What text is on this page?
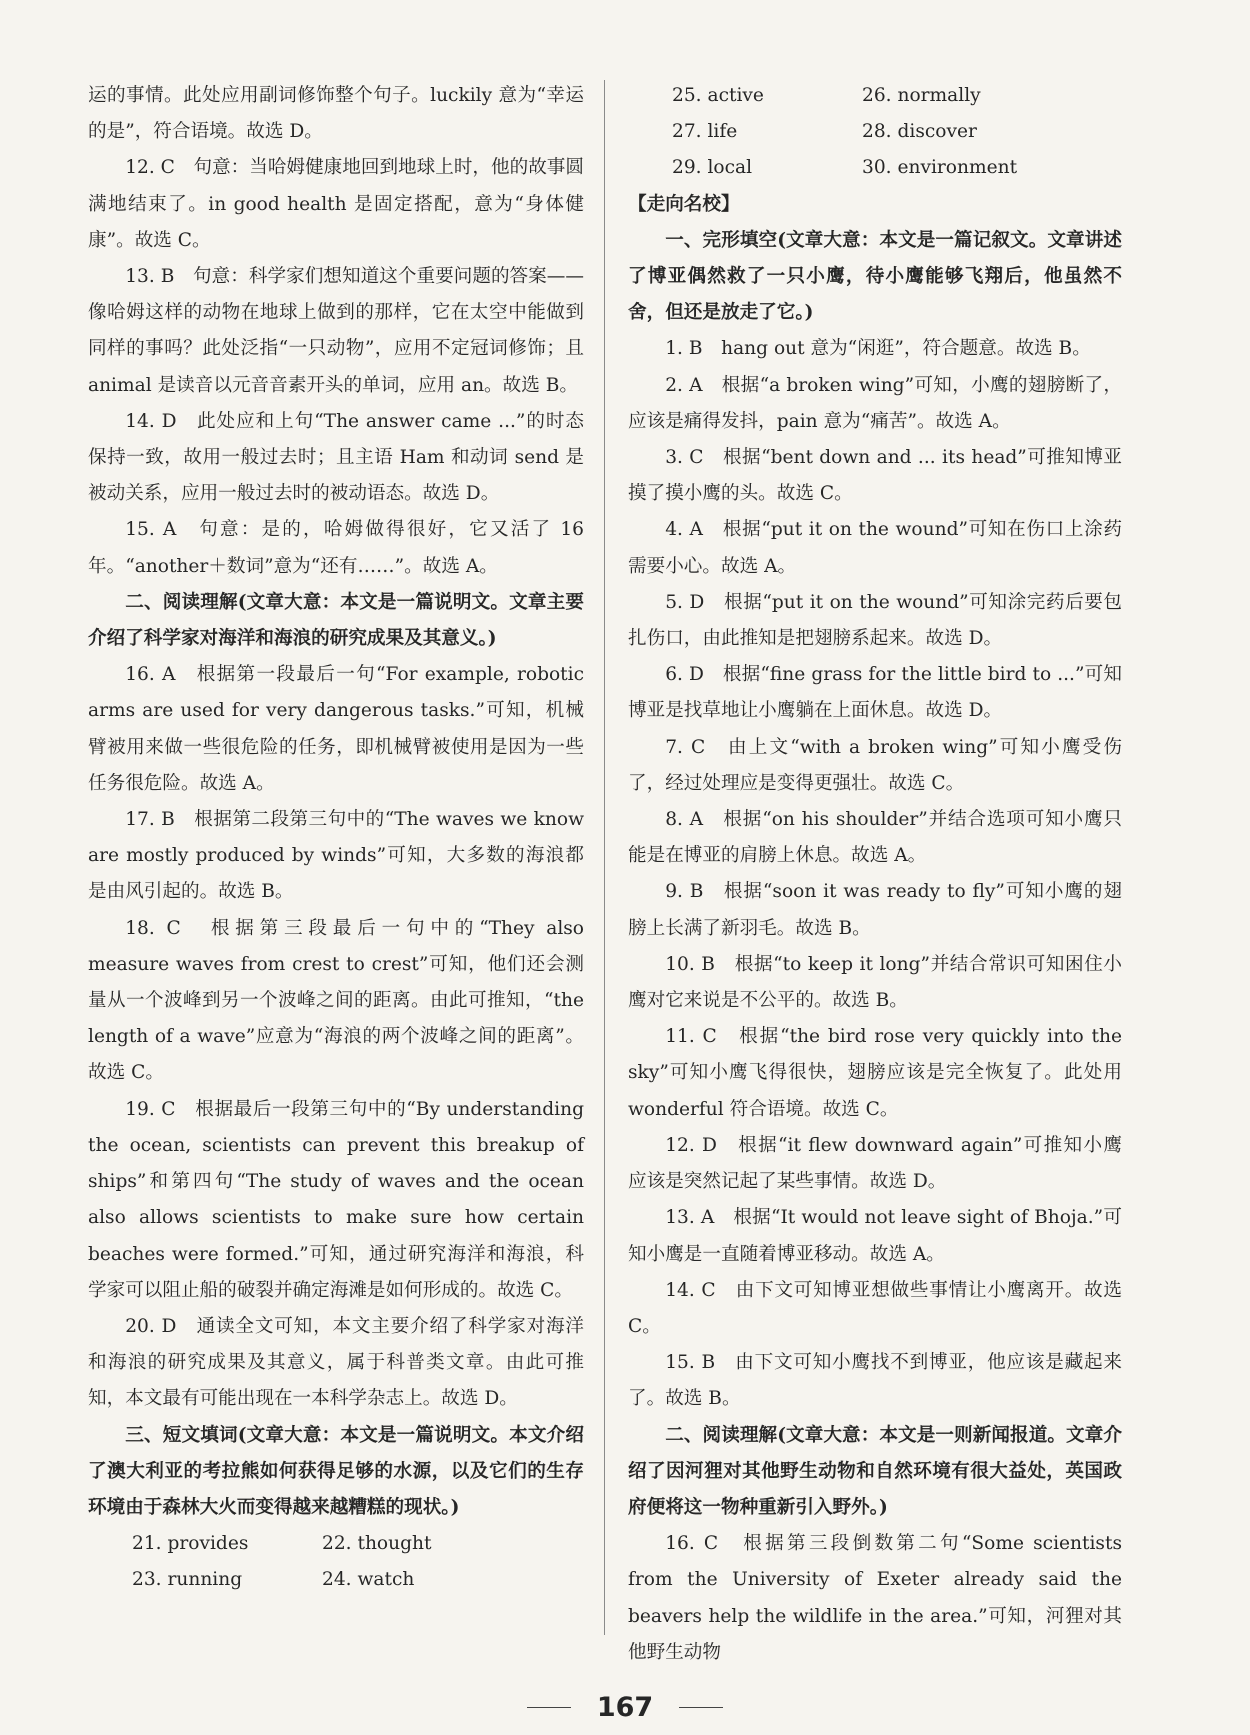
运的事情。此处应用副词修饰整个句子。luckily 意为“幸运的是”，符合语境。故选 D。

12. C　句意：当哈姆健康地回到地球上时，他的故事圆满地结束了。in good health 是固定搭配，意为“身体健康”。故选 C。

13. B　句意：科学家们想知道这个重要问题的答案——像哈姆这样的动物在地球上做到的那样，它在太空中能做到同样的事吗？此处泛指“一只动物”，应用不定冠词修饰；且 animal 是读音以元音音素开头的单词，应用 an。故选 B。

14. D　此处应和上句“The answer came ...”的时态保持一致，故用一般过去时；且主语 Ham 和动词 send 是被动关系，应用一般过去时的被动语态。故选 D。

15. A　句意：是的，哈姆做得很好，它又活了 16 年。“another＋数词”意为“还有……”。故选 A。

二、阅读理解(文章大意：本文是一篇说明文。文章主要介绍了科学家对海洋和海浪的研究成果及其意义。)

16. A　根据第一段最后一句“For example, robotic arms are used for very dangerous tasks.”可知，机械臂被用来做一些很危险的任务，即机械臂被使用是因为一些任务很危险。故选 A。

17. B　根据第二段第三句中的“The waves we know are mostly produced by winds”可知，大多数的海浪都是由风引起的。故选 B。

18. C　根据第三段最后一句中的“They also measure waves from crest to crest”可知，他们还会测量从一个波峰到另一个波峰之间的距离。由此可推知，“the length of a wave”应意为“海浪的两个波峰之间的距离”。故选 C。

19. C　根据最后一段第三句中的“By understanding the ocean, scientists can prevent this breakup of ships”和第四句“The study of waves and the ocean also allows scientists to make sure how certain beaches were formed.”可知，通过研究海洋和海浪，科学家可以阻止船的破裂并确定海滩是如何形成的。故选 C。

20. D　通读全文可知，本文主要介绍了科学家对海洋和海浪的研究成果及其意义，属于科普类文章。由此可推知，本文最有可能出现在一本科学杂志上。故选 D。

三、短文填词(文章大意：本文是一篇说明文。本文介绍了澳大利亚的考拉熊如何获得足够的水源，以及它们的生存环境由于森林大火而变得越来越糟糕的现状。)

21. provides	22. thought
23. running	24. watch
25. active	26. normally
27. life	28. discover
29. local	30. environment

【走向名校】

一、完形填空(文章大意：本文是一篇记叙文。文章讲述了博亚偶然救了一只小鹰，待小鹰能够飞翔后，他虽然不舍，但还是放走了它。)

1. B　hang out 意为“闲逛”，符合题意。故选 B。

2. A　根据“a broken wing”可知，小鹰的翅膀断了，应该是痛得发抖，pain 意为“痛苦”。故选 A。

3. C　根据“bent down and ... its head”可推知博亚摸了摸小鹰的头。故选 C。

4. A　根据“put it on the wound”可知在伤口上涂药需要小心。故选 A。

5. D　根据“put it on the wound”可知涂完药后要包扎伤口，由此推知是把翅膀系起来。故选 D。

6. D　根据“fine grass for the little bird to ...”可知博亚是找草地让小鹰躺在上面休息。故选 D。

7. C　由上文“with a broken wing”可知小鹰受伤了，经过处理应是变得更强壮。故选 C。

8. A　根据“on his shoulder”并结合选项可知小鹰只能是在博亚的肩膀上休息。故选 A。

9. B　根据“soon it was ready to fly”可知小鹰的翅膀上长满了新羽毛。故选 B。

10. B　根据“to keep it long”并结合常识可知困住小鹰对它来说是不公平的。故选 B。

11. C　根据“the bird rose very quickly into the sky”可知小鹰飞得很快，翅膀应该是完全恢复了。此处用 wonderful 符合语境。故选 C。

12. D　根据“it flew downward again”可推知小鹰应该是突然记起了某些事情。故选 D。

13. A　根据“It would not leave sight of Bhoja.”可知小鹰是一直随着博亚移动。故选 A。

14. C　由下文可知博亚想做些事情让小鹰离开。故选 C。

15. B　由下文可知小鹰找不到博亚，他应该是藏起来了。故选 B。

二、阅读理解(文章大意：本文是一则新闻报道。文章介绍了因河狸对其他野生动物和自然环境有很大益处，英国政府便将这一物种重新引入野外。)

16. C　根据第三段倒数第二句“Some scientists from the University of Exeter already said the beavers help the wildlife in the area.”可知，河狸对其他野生动物

167
